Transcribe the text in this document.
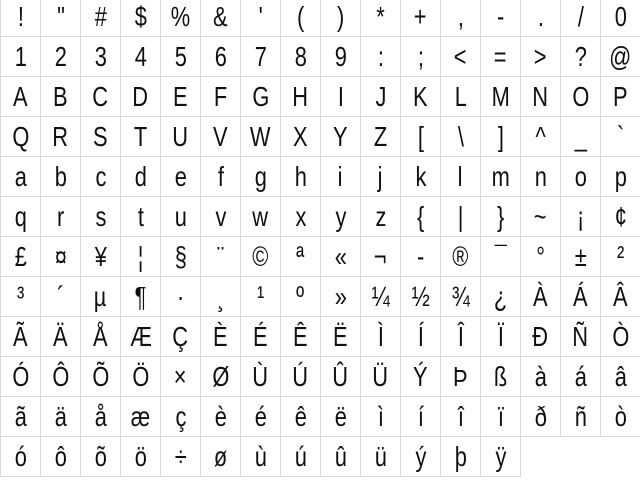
!	"	# $ % &	'	(	)	*	+	,	-	.	/	0
1 2 3 4 5 6 7 8 9	:	;	< = > ? @
A B C D E F G H	I	J K L M N O P
Q R S T U V W X Y Z	[	\	]	^	_	`
a b	c	d e	f	g h	i	j	k	l	m n o p
q	r	s	t	u	v w x	y	z	{	|	}	~	¡	¢
£ ¤ ¥	¦	§	¨	© ª	« ¬	-	® ¯	°	±	²
³	´	µ ¶	·	¸	¹	º	» ¼ ½ ¾ ¿ À Á Â
Ã Ä Å Æ Ç È É Ê Ë	Ì	Í	Î	Ï	Ð Ñ Ò
Ó Ô Õ Ö × Ø Ù Ú Û Ü Ý Þ ß à á â
ã ä å æ ç	è é ê ë	ì	í	î	ï	ð ñ ò
ó ô õ ö ÷ ø ù ú û ü	ý	þ	ÿ
